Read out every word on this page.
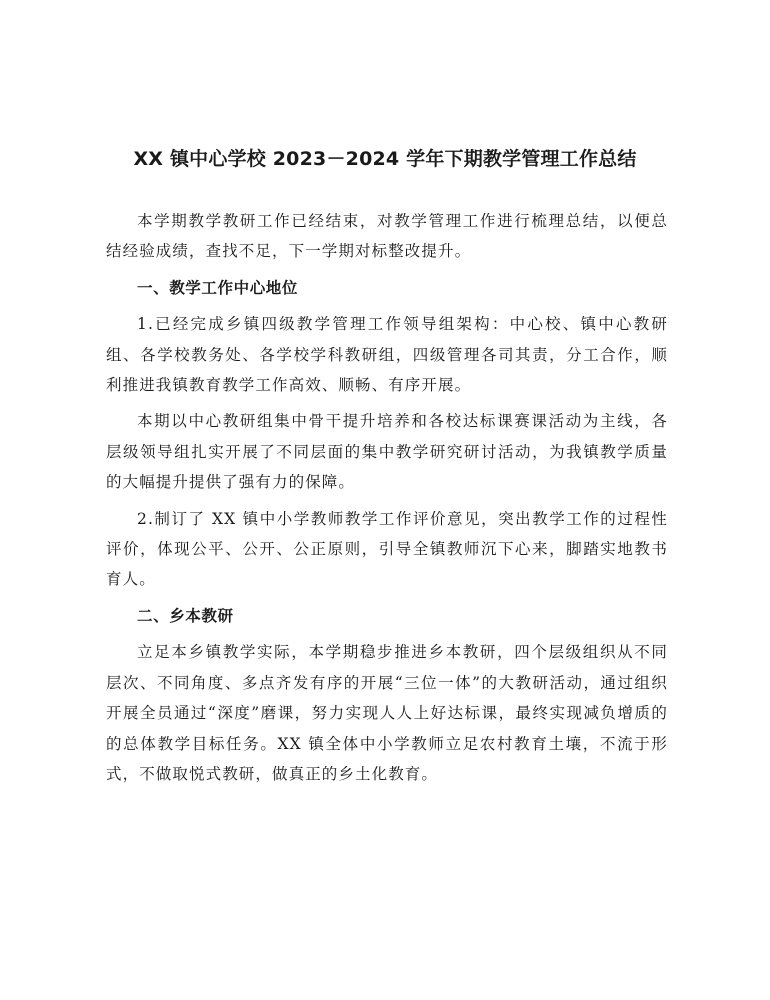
XX 镇中心学校 2023－2024 学年下期教学管理工作总结

本学期教学教研工作已经结束，对教学管理工作进行梳理总结，以便总结经验成绩，查找不足，下一学期对标整改提升。

一、教学工作中心地位

1.已经完成乡镇四级教学管理工作领导组架构：中心校、镇中心教研组、各学校教务处、各学校学科教研组，四级管理各司其责，分工合作，顺利推进我镇教育教学工作高效、顺畅、有序开展。

本期以中心教研组集中骨干提升培养和各校达标课赛课活动为主线，各层级领导组扎实开展了不同层面的集中教学研究研讨活动，为我镇教学质量的大幅提升提供了强有力的保障。

2.制订了 XX 镇中小学教师教学工作评价意见，突出教学工作的过程性评价，体现公平、公开、公正原则，引导全镇教师沉下心来，脚踏实地教书育人。

二、乡本教研

立足本乡镇教学实际，本学期稳步推进乡本教研，四个层级组织从不同层次、不同角度、多点齐发有序的开展“三位一体”的大教研活动，通过组织开展全员通过“深度”磨课，努力实现人人上好达标课，最终实现减负增质的的总体教学目标任务。XX 镇全体中小学教师立足农村教育土壤，不流于形式，不做取悦式教研，做真正的乡土化教育。
